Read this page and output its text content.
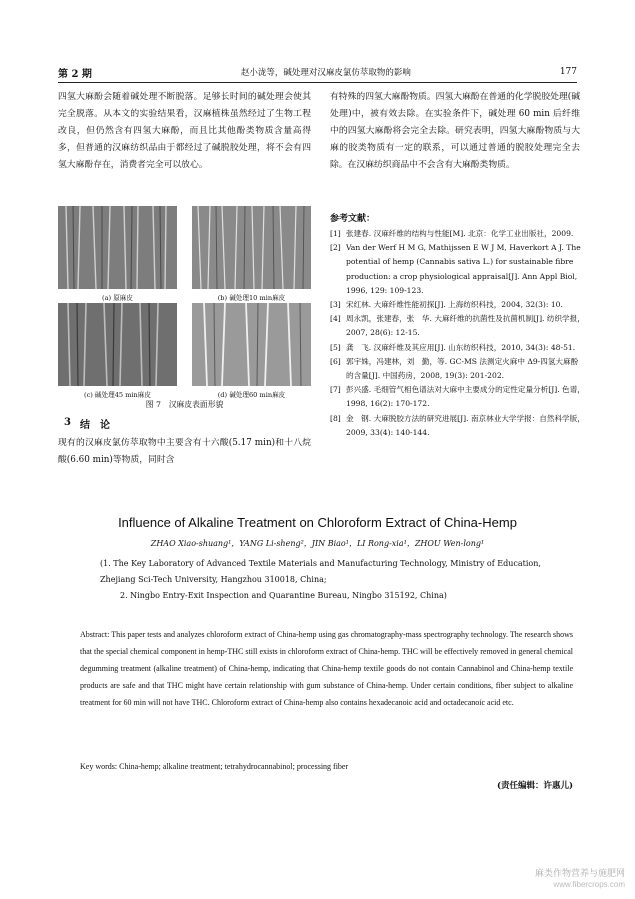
第 2 期	赵小泷等，碱处理对汉麻皮氯仿萃取物的影响	177

四氢大麻酚会随着碱处理不断脱落。足够长时间的碱处理会使其完全脱落。从本文的实验结果看，汉麻植株虽然经过了生物工程改良，但仍然含有四氢大麻酚，而且比其他酚类物质含量高得多，但普通的汉麻纺织品由于都经过了碱脱胶处理，将不会有四氢大麻酚存在，消费者完全可以放心。

(a) 原麻皮	(b) 碱处理10 min麻皮
(c) 碱处理45 min麻皮	(d) 碱处理60 min麻皮
图 7　汉麻皮表面形貌
3 结　论
现有的汉麻皮氯仿萃取物中主要含有十六酸(5.17 min)和十八烷酸(6.60 min)等物质，同时含

有特殊的四氢大麻酚物质。四氢大麻酚在普通的化学脱胶处理(碱处理)中，被有效去除。在实验条件下，碱处理 60 min 后纤维中的四氢大麻酚将会完全去除。研究表明，四氢大麻酚物质与大麻的胶类物质有一定的联系，可以通过普通的脱胶处理完全去除。在汉麻纺织商品中不会含有大麻酚类物质。

参考文献：
[1] 张建春. 汉麻纤维的结构与性能[M]. 北京：化学工业出版社，2009.
[2] Van der Werf H M G, Mathijssen E W J M, Haverkort A J. The potential of hemp (Cannabis sativa L.) for sustainable fibre production: a crop physiological appraisal[J]. Ann Appl Biol, 1996, 129: 109-123.
[3] 宋红林. 大麻纤维性能初探[J]. 上海纺织科技，2004, 32(3): 10.
[4] 周永凯，张建春，张　华. 大麻纤维的抗菌性及抗菌机制[J]. 纺织学报，2007, 28(6): 12-15.
[5] 龚　飞. 汉麻纤维及其应用[J]. 山东纺织科技，2010, 34(3): 48-51.
[6] 郭宇姝，冯建林，刘　勤，等. GC-MS 法测定火麻中 Δ9-四氢大麻酚的含量[J]. 中国药房，2008, 19(3): 201-202.
[7] 彭兴盛. 毛细管气相色谱法对大麻中主要成分的定性定量分析[J]. 色谱，1998, 16(2): 170-172.
[8] 金　钢. 大麻脱胶方法的研究进展[J]. 南京林业大学学报：自然科学版，2009, 33(4): 140-144.
Influence of Alkaline Treatment on Chloroform Extract of China-Hemp
ZHAO Xiao-shuang¹，YANG Li-sheng²，JIN Biao¹，LI Rong-xia¹，ZHOU Wen-long¹
(1. The Key Laboratory of Advanced Textile Materials and Manufacturing Technology, Ministry of Education, Zhejiang Sci-Tech University, Hangzhou 310018, China;
2. Ningbo Entry-Exit Inspection and Quarantine Bureau, Ningbo 315192, China)
Abstract: This paper tests and analyzes chloroform extract of China-hemp using gas chromatography-mass spectrography technology. The research shows that the special chemical component in hemp-THC still exists in chloroform extract of China-hemp. THC will be effectively removed in general chemical degumming treatment (alkaline treatment) of China-hemp, indicating that China-hemp textile goods do not contain Cannabinol and China-hemp textile products are safe and that THC might have certain relationship with gum substance of China-hemp. Under certain conditions, fiber subject to alkaline treatment for 60 min will not have THC. Chloroform extract of China-hemp also contains hexadecanoic acid and octadecanoic acid etc.
Key words: China-hemp; alkaline treatment; tetrahydrocannabinol; processing fiber
(责任编辑：许惠儿)
麻类作物营养与施肥网
www.fibercrops.com
